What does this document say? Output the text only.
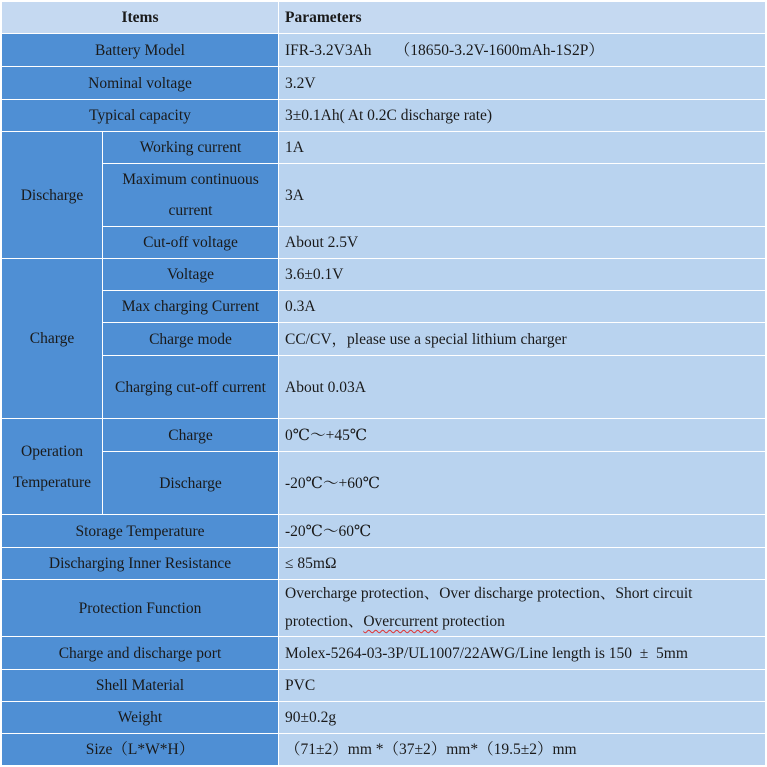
Items		Parameters
Battery Model		IFR-3.2V3Ah      （18650-3.2V-1600mAh-1S2P）
Nominal voltage		3.2V
Typical capacity		3±0.1Ah( At 0.2C discharge rate)
Discharge	Working current	1A
	Maximum continuous current	3A
	Cut-off voltage	About 2.5V
Charge	Voltage	3.6±0.1V
	Max charging Current	0.3A
	Charge mode	CC/CV，please use a special lithium charger
	Charging cut-off current	About 0.03A
Operation Temperature	Charge	0℃～+45℃
	Discharge	-20℃～+60℃
Storage Temperature		-20℃～60℃
Discharging Inner Resistance		≤ 85mΩ
Protection Function		Overcharge protection、Over discharge protection、Short circuit protection、Overcurrent protection
Charge and discharge port		Molex-5264-03-3P/UL1007/22AWG/Line length is 150  ±  5mm
Shell Material		PVC
Weight		90±0.2g
Size（L*W*H）		（71±2）mm *（37±2）mm*（19.5±2）mm
